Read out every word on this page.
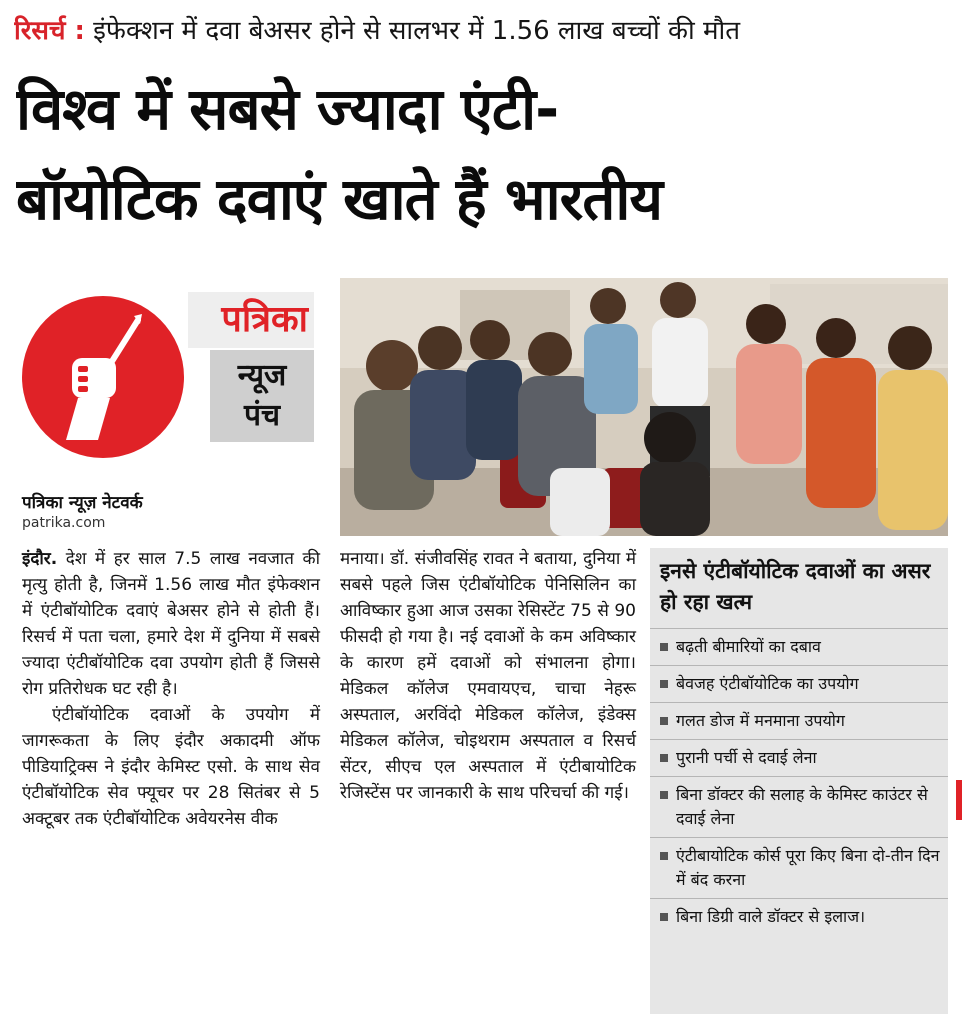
रिसर्च : इंफेक्शन में दवा बेअसर होने से सालभर में 1.56 लाख बच्चों की मौत
विश्व में सबसे ज्यादा एंटी-
बॉयोटिक दवाएं खाते हैं भारतीय
पत्रिका
न्यूज
पंच
पत्रिका न्यूज़ नेटवर्क
patrika.com

इंदौर. देश में हर साल 7.5 लाख नवजात की मृत्यु होती है, जिनमें 1.56 लाख मौत इंफेक्शन में एंटीबॉयोटिक दवाएं बेअसर होने से होती हैं। रिसर्च में पता चला, हमारे देश में दुनिया में सबसे ज्यादा एंटीबॉयोटिक दवा उपयोग होती हैं जिससे रोग प्रतिरोधक घट रही है।

एंटीबॉयोटिक दवाओं के उपयोग में जागरूकता के लिए इंदौर अकादमी ऑफ पीडियाट्रिक्स ने इंदौर केमिस्ट एसो. के साथ सेव एंटीबॉयोटिक सेव फ्यूचर पर 28 सितंबर से 5 अक्टूबर तक एंटीबॉयोटिक अवेयरनेस वीक

मनाया। डॉ. संजीवसिंह रावत ने बताया, दुनिया में सबसे पहले जिस एंटीबॉयोटिक पेनिसिलिन का आविष्कार हुआ आज उसका रेसिस्टेंट 75 से 90 फीसदी हो गया है। नई दवाओं के कम अविष्कार के कारण हमें दवाओं को संभालना होगा। मेडिकल कॉलेज एमवायएच, चाचा नेहरू अस्पताल, अरविंदो मेडिकल कॉलेज, इंडेक्स मेडिकल कॉलेज, चोइथराम अस्पताल व रिसर्च सेंटर, सीएच एल अस्पताल में एंटीबायोटिक रेजिस्टेंस पर जानकारी के साथ परिचर्चा की गई।

इनसे एंटीबॉयोटिक दवाओं का असर हो रहा खत्म
बढ़ती बीमारियों का दबाव
बेवजह एंटीबॉयोटिक का उपयोग
गलत डोज में मनमाना उपयोग
पुरानी पर्ची से दवाई लेना
बिना डॉक्टर की सलाह के केमिस्ट काउंटर से दवाई लेना
एंटीबायोटिक कोर्स पूरा किए बिना दो-तीन दिन में बंद करना
बिना डिग्री वाले डॉक्टर से इलाज।
